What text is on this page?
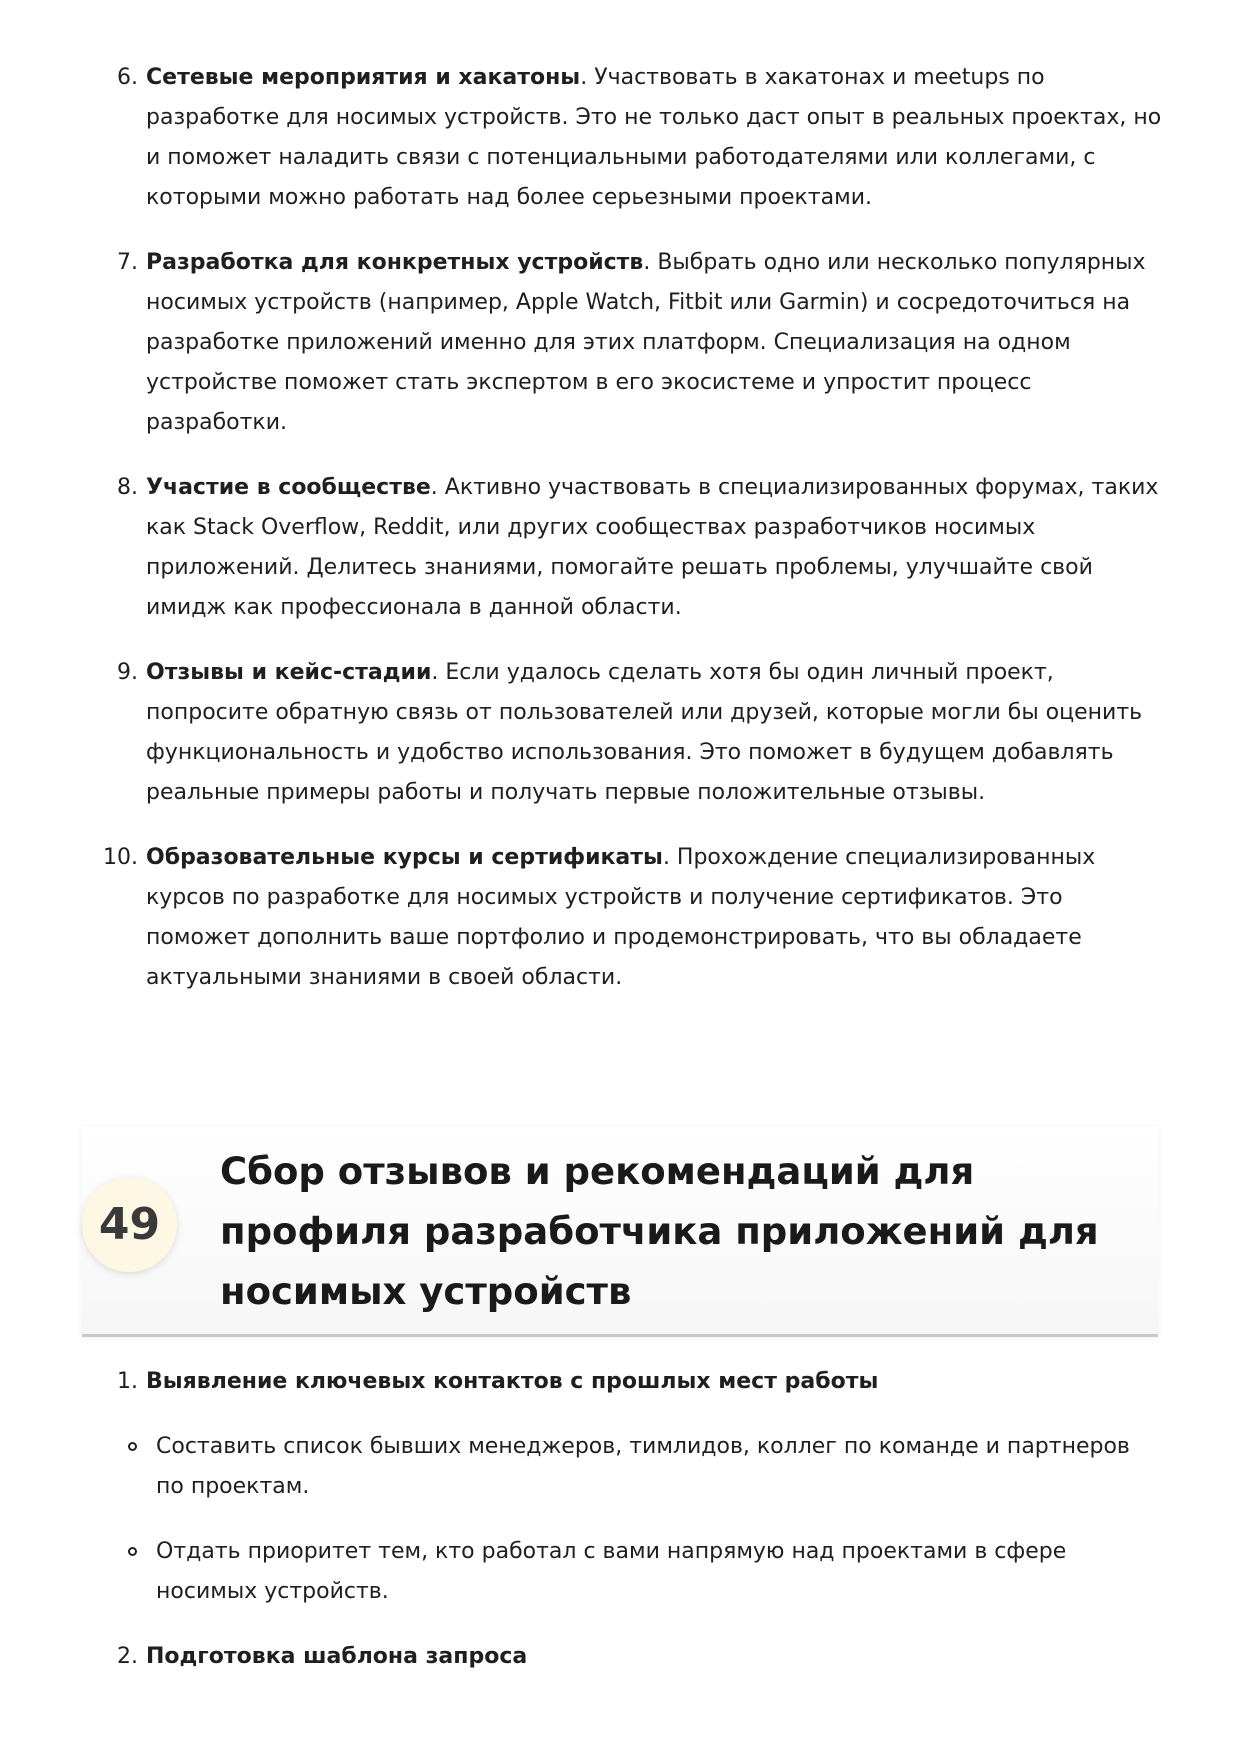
6. Сетевые мероприятия и хакатоны. Участвовать в хакатонах и meetups по разработке для носимых устройств. Это не только даст опыт в реальных проектах, но и поможет наладить связи с потенциальными работодателями или коллегами, с которыми можно работать над более серьезными проектами.
7. Разработка для конкретных устройств. Выбрать одно или несколько популярных носимых устройств (например, Apple Watch, Fitbit или Garmin) и сосредоточиться на разработке приложений именно для этих платформ. Специализация на одном устройстве поможет стать экспертом в его экосистеме и упростит процесс разработки.
8. Участие в сообществе. Активно участвовать в специализированных форумах, таких как Stack Overflow, Reddit, или других сообществах разработчиков носимых приложений. Делитесь знаниями, помогайте решать проблемы, улучшайте свой имидж как профессионала в данной области.
9. Отзывы и кейс-стадии. Если удалось сделать хотя бы один личный проект, попросите обратную связь от пользователей или друзей, которые могли бы оценить функциональность и удобство использования. Это поможет в будущем добавлять реальные примеры работы и получать первые положительные отзывы.
10. Образовательные курсы и сертификаты. Прохождение специализированных курсов по разработке для носимых устройств и получение сертификатов. Это поможет дополнить ваше портфолио и продемонстрировать, что вы обладаете актуальными знаниями в своей области.
49
Сбор отзывов и рекомендаций для профиля разработчика приложений для носимых устройств
1. Выявление ключевых контактов с прошлых мест работы
Составить список бывших менеджеров, тимлидов, коллег по команде и партнеров по проектам.
Отдать приоритет тем, кто работал с вами напрямую над проектами в сфере носимых устройств.
2. Подготовка шаблона запроса
